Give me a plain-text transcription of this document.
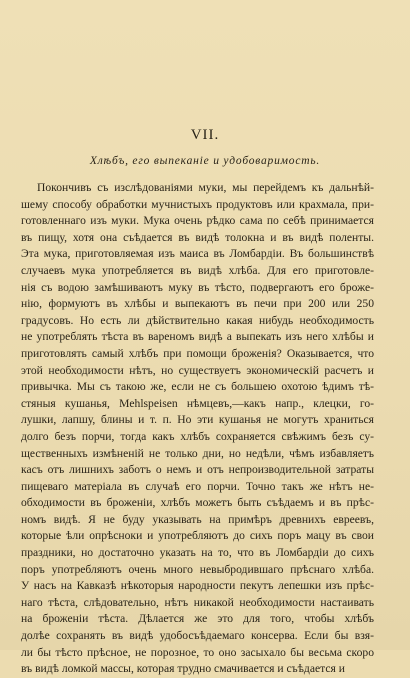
VII.
Хлѣбъ, его выпеканіе и удобоваримость.
Покончивъ съ изслѣдованіями муки, мы перейдемъ къ дальнѣй-
шему способу обработки мучнистыхъ продуктовъ или крахмала, при-
готовленнаго изъ муки. Мука очень рѣдко сама по себѣ принимается
въ пищу, хотя она съѣдается въ видѣ толокна и въ видѣ поленты.
Эта мука, приготовляемая изъ маиса въ Ломбардіи. Въ большинствѣ
случаевъ мука употребляется въ видѣ хлѣба. Для его приготовле-
нія съ водою замѣшиваютъ муку въ тѣсто, подвергаютъ его броже-
нію, формуютъ въ хлѣбы и выпекаютъ въ печи при 200 или 250
градусовъ. Но есть ли дѣйствительно какая нибудь необходимость
не употреблять тѣста въ вареномъ видѣ а выпекать изъ него хлѣбы и
приготовлять самый хлѣбъ при помощи броженія? Оказывается, что
этой необходимости нѣтъ, но существуетъ экономическій расчетъ и
привычка. Мы съ такою же, если не съ большею охотою ѣдимъ тѣ-
стяныя кушанья, Mehlspeisen нѣмцевъ,—какъ напр., клецки, го-
лушки, лапшу, блины и т. п. Но эти кушанья не могутъ храниться
долго безъ порчи, тогда какъ хлѣбъ сохраняется свѣжимъ безъ су-
щественныхъ измѣненій не только дни, но недѣли, чѣмъ избавляетъ
касъ отъ лишнихъ заботъ о немъ и отъ непроизводительной затраты
пищеваго матеріала въ случаѣ его порчи. Точно такъ же нѣтъ не-
обходимости въ броженіи, хлѣбъ можетъ быть съѣдаемъ и въ прѣс-
номъ видѣ. Я не буду указывать на примѣръ древнихъ евреевъ,
которые ѣли опрѣсноки и употребляютъ до сихъ поръ мацу въ свои
праздники, но достаточно указать на то, что въ Ломбардіи до сихъ
поръ употребляютъ очень много невыбродившаго прѣснаго хлѣба.
У насъ на Кавказѣ нѣкоторыя народности пекутъ лепешки изъ прѣс-
наго тѣста, слѣдовательно, нѣтъ никакой необходимости настаивать
на броженіи тѣста. Дѣлается же это для того, чтобы хлѣбъ
долѣе сохранять въ видѣ удобосъѣдаемаго консерва. Если бы взя-
ли бы тѣсто прѣсное, не порозное, то оно засыхало бы весьма скоро
въ видѣ ломкой массы, которая трудно смачивается и съѣдается и
